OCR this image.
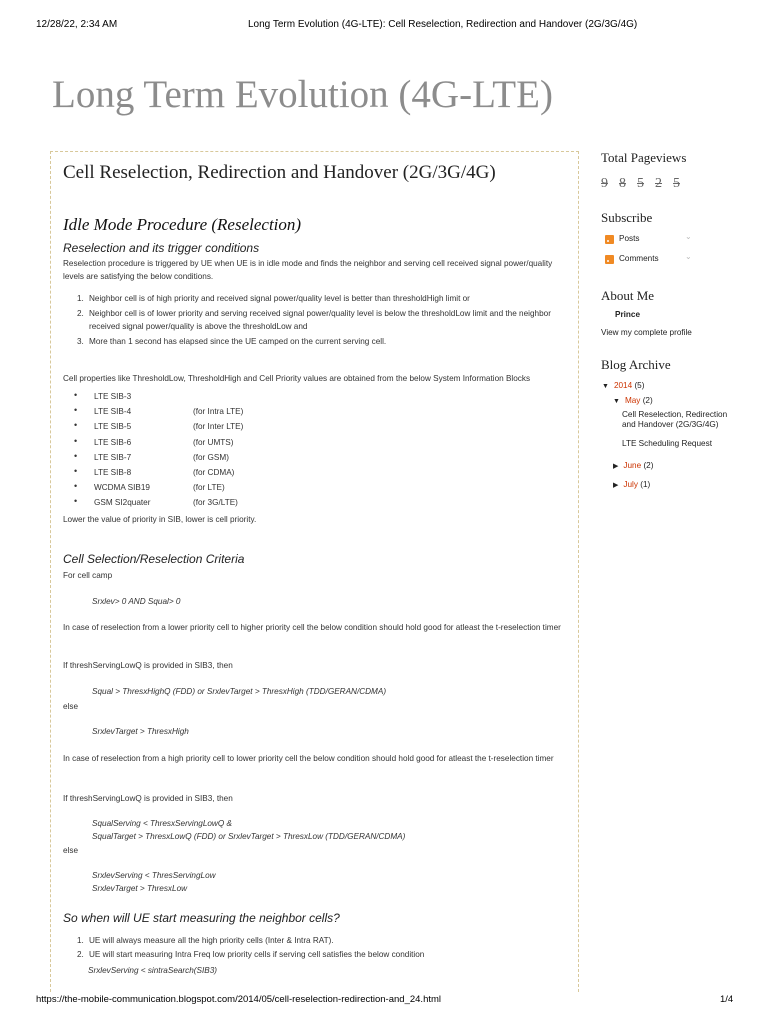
12/28/22, 2:34 AM	Long Term Evolution (4G-LTE): Cell Reselection, Redirection and Handover (2G/3G/4G)
Long Term Evolution (4G-LTE)
Cell Reselection, Redirection and Handover (2G/3G/4G)
Idle Mode Procedure (Reselection)
Reselection and its trigger conditions
Reselection procedure is triggered by UE when UE is in idle mode and finds the neighbor and serving cell received signal power/quality levels are satisfying the below conditions.
1. Neighbor cell is of high priority and received signal power/quality level is better than thresholdHigh limit or
2. Neighbor cell is of lower priority and serving received signal power/quality level is below the thresholdLow limit and the neighbor received signal power/quality is above the thresholdLow and
3. More than 1 second has elapsed since the UE camped on the current serving cell.
Cell properties like ThresholdLow, ThresholdHigh and Cell Priority values are obtained from the below System Information Blocks
• LTE SIB-3
• LTE SIB-4	(for Intra LTE)
• LTE SIB-5	(for Inter LTE)
• LTE SIB-6	(for UMTS)
• LTE SIB-7	(for GSM)
• LTE SIB-8	(for CDMA)
• WCDMA SIB19	(for LTE)
• GSM SI2quater	(for 3G/LTE)
Lower the value of priority in SIB, lower is cell priority.
Cell Selection/Reselection Criteria
For cell camp
Srxlev> 0 AND Squal> 0
In case of reselection from a lower priority cell to higher priority cell the below condition should hold good for atleast the t-reselection timer
If threshServingLowQ is provided in SIB3, then
Squal > ThresxHighQ (FDD) or SrxlevTarget > ThresxHigh (TDD/GERAN/CDMA)
else
SrxlevTarget > ThresxHigh
In case of reselection from a high priority cell to lower priority cell the below condition should hold good for atleast the t-reselection timer
If threshServingLowQ is provided in SIB3, then
SqualServing < ThresxServingLowQ &
SqualTarget > ThresxLowQ (FDD) or SrxlevTarget > ThresxLow (TDD/GERAN/CDMA)
else
SrxlevServing < ThresServingLow
SrxlevTarget > ThresxLow
So when will UE start measuring the neighbor cells?
1. UE will always measure all the high priority cells (Inter & Intra RAT).
2. UE will start measuring Intra Freq low priority cells if serving cell satisfies the below condition
SrxlevServing < sintraSearch(SIB3)
Total Pageviews
9 8 5 2 5
Subscribe
Posts	⌄
Comments	⌄
About Me
Prince
View my complete profile
Blog Archive
▼ 2014 (5)
▼ May (2)
Cell Reselection, Redirection and Handover (2G/3G/4G)
LTE Scheduling Request
▶ June (2)
▶ July (1)
https://the-mobile-communication.blogspot.com/2014/05/cell-reselection-redirection-and_24.html	1/4
